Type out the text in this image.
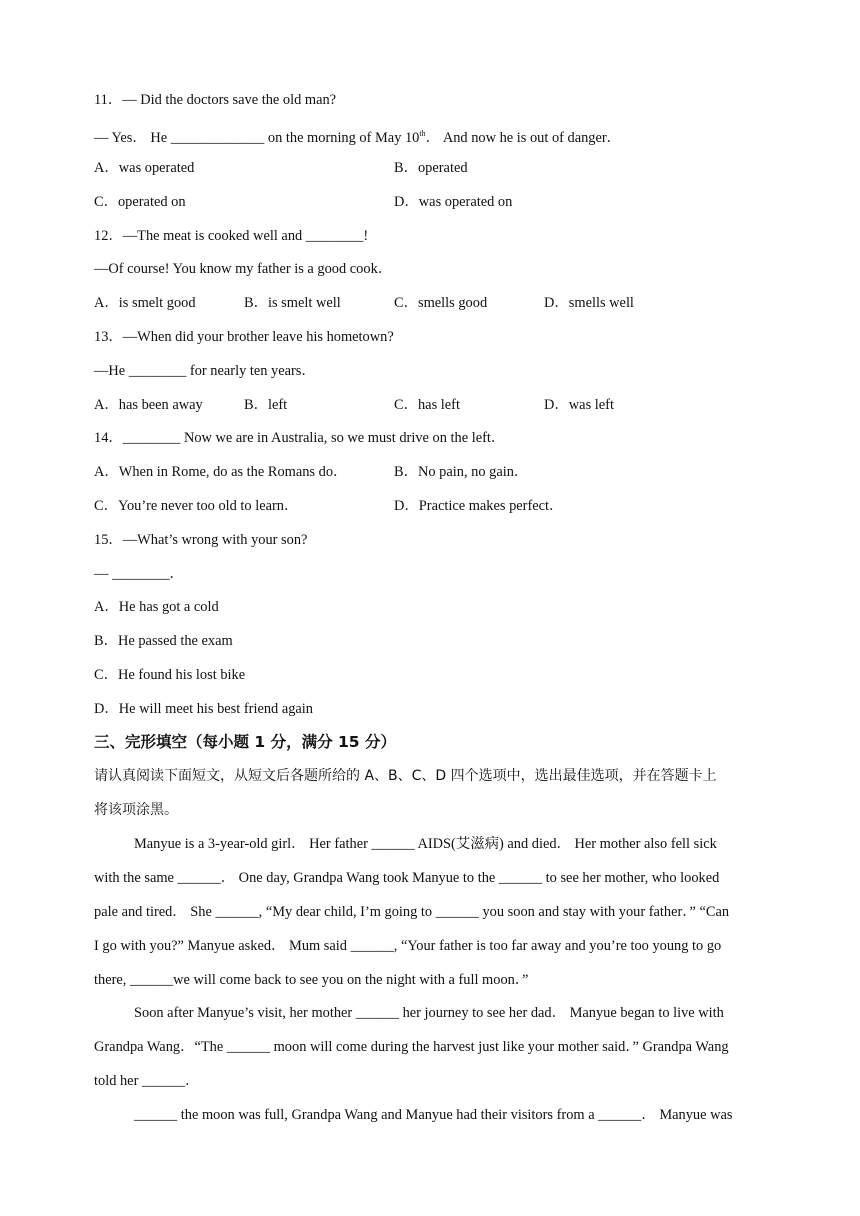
11．— Did the doctors save the old man?
— Yes． He _____________ on the morning of May 10th． And now he is out of danger．
A．was operated	B．operated
C．operated on	D．was operated on
12．—The meat is cooked well and ________!
—Of course! You know my father is a good cook．
A．is smelt good	B．is smelt well	C．smells good	D．smells well
13．—When did your brother leave his hometown?
—He ________ for nearly ten years．
A．has been away	B．left	C．has left	D．was left
14．________ Now we are in Australia, so we must drive on the left．
A．When in Rome, do as the Romans do．	B．No pain, no gain．
C．You’re never too old to learn．	D．Practice makes perfect．
15．—What’s wrong with your son?
— ________．
A．He has got a cold
B．He passed the exam
C．He found his lost bike
D．He will meet his best friend again
三、完形填空（每小题 1 分，满分 15 分）
请认真阅读下面短文，从短文后各题所给的 A、B、C、D 四个选项中，选出最佳选项，并在答题卡上
将该项涂黑。
Manyue is a 3-year-old girl． Her father ______ AIDS(艾滋病) and died． Her mother also fell sick
with the same ______． One day, Grandpa Wang took Manyue to the ______ to see her mother, who looked
pale and tired． She ______, “My dear child, I’m going to ______ you soon and stay with your father．” “Can
I go with you?” Manyue asked． Mum said ______, “Your father is too far away and you’re too young to go
there, ______we will come back to see you on the night with a full moon．”
Soon after Manyue’s visit, her mother ______ her journey to see her dad． Manyue began to live with
Grandpa Wang．“The ______ moon will come during the harvest just like your mother said．” Grandpa Wang
told her ______．
______ the moon was full, Grandpa Wang and Manyue had their visitors from a ______． Manyue was
